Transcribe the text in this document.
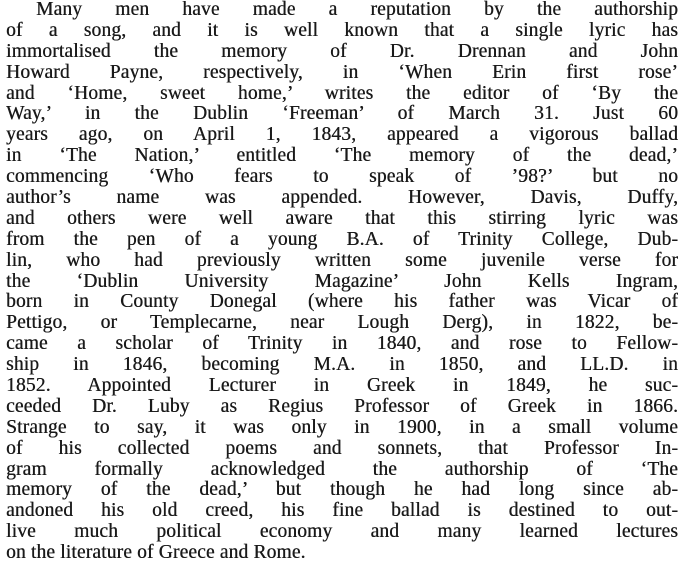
Many men have made a reputation by the authorship
of a song, and it is well known that a single lyric has
immortalised the memory of Dr. Drennan and John
Howard Payne, respectively, in ‘When Erin first rose’
and ‘Home, sweet home,’ writes the editor of ‘By the
Way,’ in the Dublin ‘Freeman’ of March 31. Just 60
years ago, on April 1, 1843, appeared a vigorous ballad
in ‘The Nation,’ entitled ‘The memory of the dead,’
commencing ‘Who fears to speak of ’98?’ but no
author’s name was appended. However, Davis, Duffy,
and others were well aware that this stirring lyric was
from the pen of a young B.A. of Trinity College, Dub-
lin, who had previously written some juvenile verse for
the ‘Dublin University Magazine’ John Kells Ingram,
born in County Donegal (where his father was Vicar of
Pettigo, or Templecarne, near Lough Derg), in 1822, be-
came a scholar of Trinity in 1840, and rose to Fellow-
ship in 1846, becoming M.A. in 1850, and LL.D. in
1852. Appointed Lecturer in Greek in 1849, he suc-
ceeded Dr. Luby as Regius Professor of Greek in 1866.
Strange to say, it was only in 1900, in a small volume
of his collected poems and sonnets, that Professor In-
gram formally acknowledged the authorship of ‘The
memory of the dead,’ but though he had long since ab-
andoned his old creed, his fine ballad is destined to out-
live much political economy and many learned lectures
on the literature of Greece and Rome.
